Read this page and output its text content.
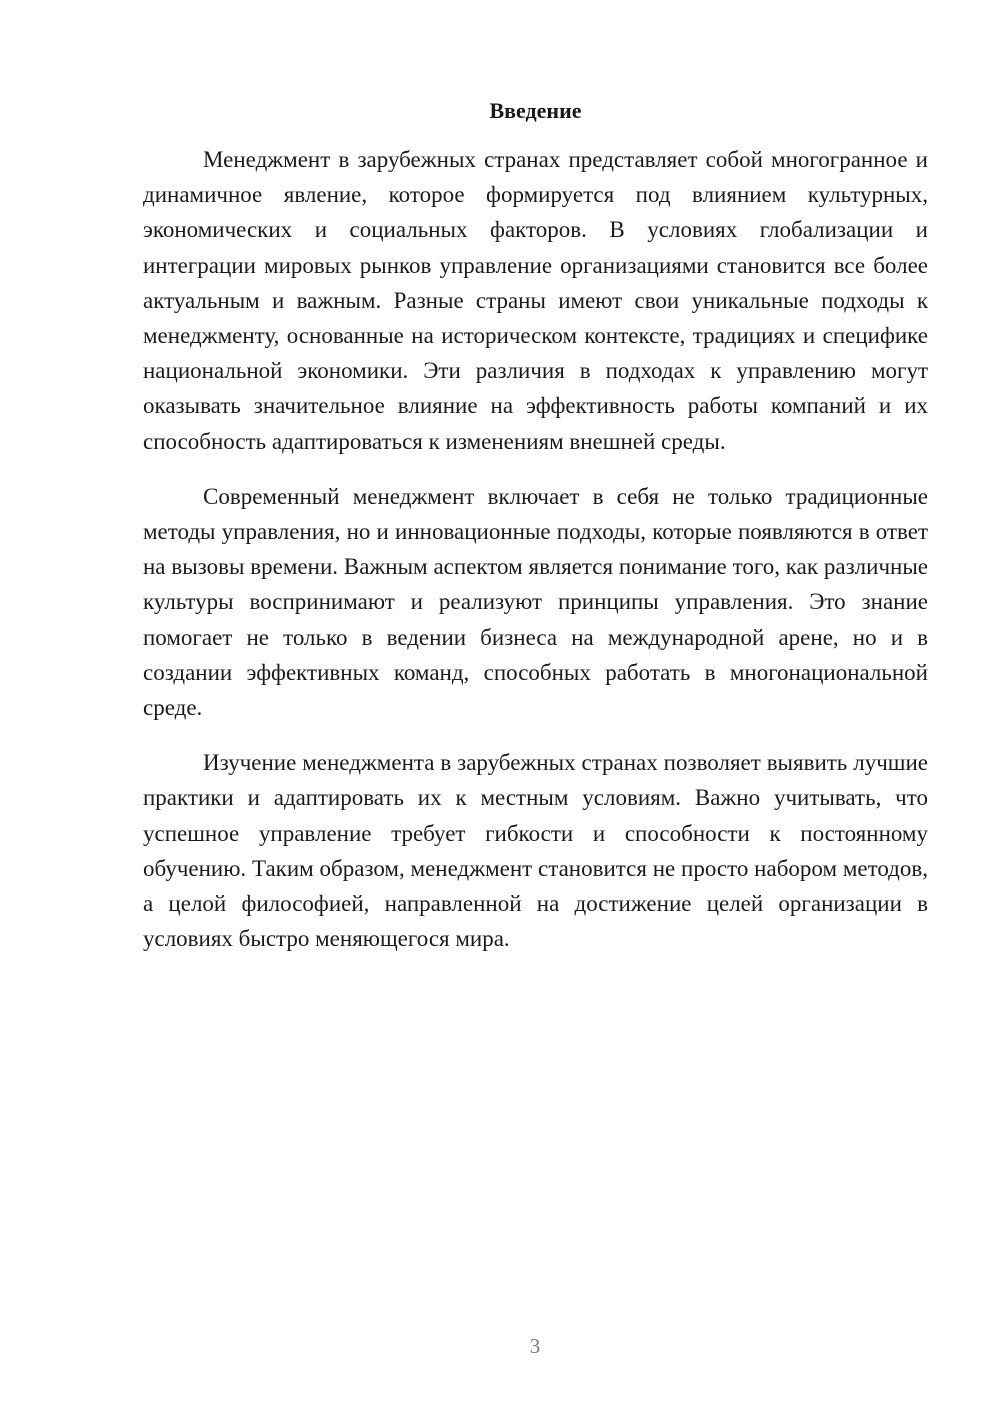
Введение

Менеджмент в зарубежных странах представляет собой многогранное и динамичное явление, которое формируется под влиянием культурных, экономических и социальных факторов. В условиях глобализации и интеграции мировых рынков управление организациями становится все более актуальным и важным. Разные страны имеют свои уникальные подходы к менеджменту, основанные на историческом контексте, традициях и специфике национальной экономики. Эти различия в подходах к управлению могут оказывать значительное влияние на эффективность работы компаний и их способность адаптироваться к изменениям внешней среды.

Современный менеджмент включает в себя не только традиционные методы управления, но и инновационные подходы, которые появляются в ответ на вызовы времени. Важным аспектом является понимание того, как различные культуры воспринимают и реализуют принципы управления. Это знание помогает не только в ведении бизнеса на международной арене, но и в создании эффективных команд, способных работать в многонациональной среде.

Изучение менеджмента в зарубежных странах позволяет выявить лучшие практики и адаптировать их к местным условиям. Важно учитывать, что успешное управление требует гибкости и способности к постоянному обучению. Таким образом, менеджмент становится не просто набором методов, а целой философией, направленной на достижение целей организации в условиях быстро меняющегося мира.

3
